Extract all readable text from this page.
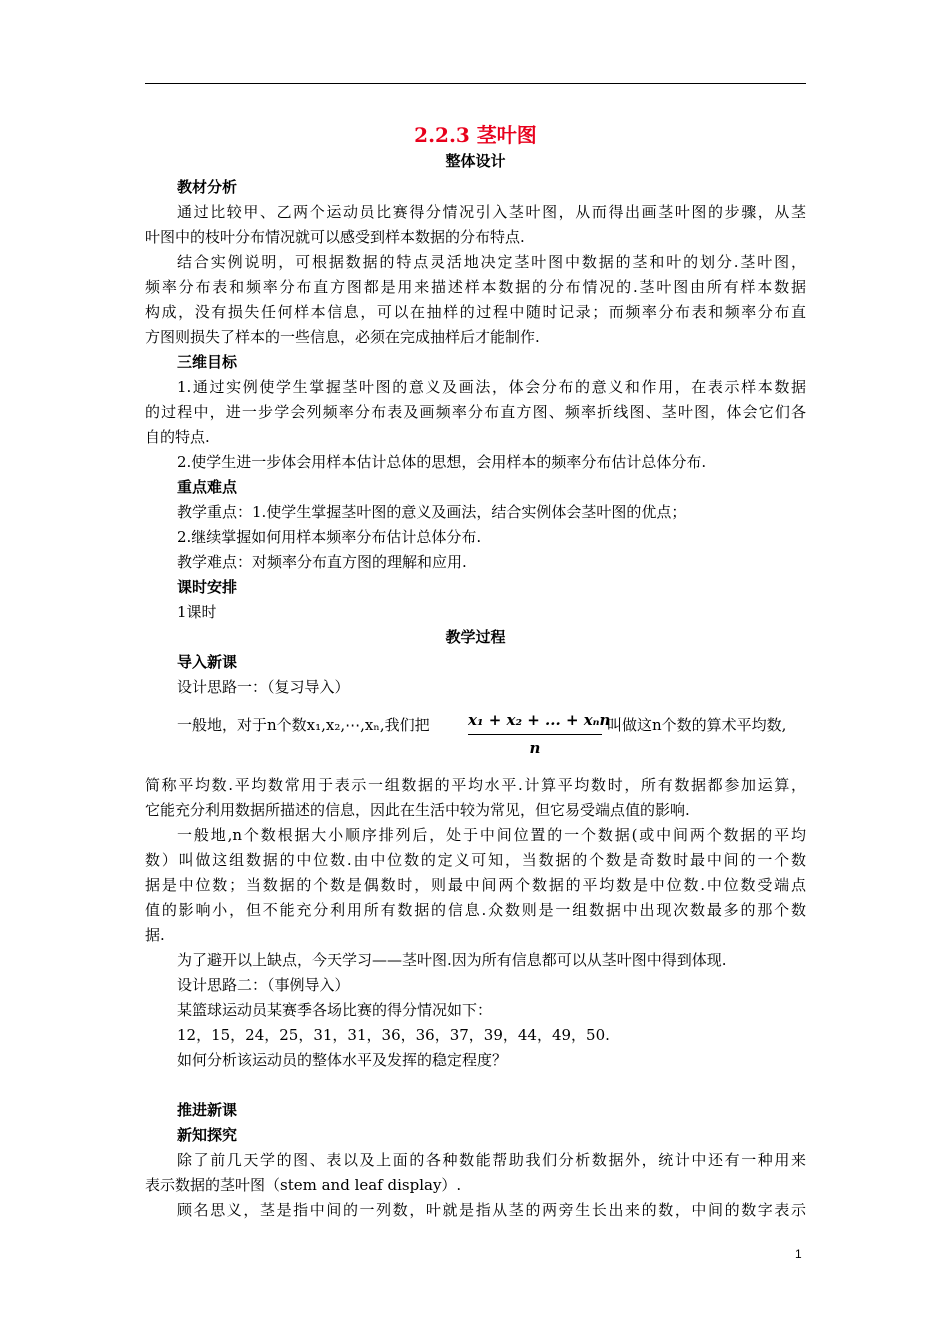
2.2.3 茎叶图
整体设计
教材分析
通过比较甲、乙两个运动员比赛得分情况引入茎叶图，从而得出画茎叶图的步骤，从茎
叶图中的枝叶分布情况就可以感受到样本数据的分布特点.
结合实例说明，可根据数据的特点灵活地决定茎叶图中数据的茎和叶的划分.茎叶图，
频率分布表和频率分布直方图都是用来描述样本数据的分布情况的.茎叶图由所有样本数据
构成，没有损失任何样本信息，可以在抽样的过程中随时记录；而频率分布表和频率分布直
方图则损失了样本的一些信息，必须在完成抽样后才能制作.
三维目标
1.通过实例使学生掌握茎叶图的意义及画法，体会分布的意义和作用，在表示样本数据
的过程中，进一步学会列频率分布表及画频率分布直方图、频率折线图、茎叶图，体会它们各
自的特点.
2.使学生进一步体会用样本估计总体的思想，会用样本的频率分布估计总体分布.
重点难点
教学重点：1.使学生掌握茎叶图的意义及画法，结合实例体会茎叶图的优点；
2.继续掌握如何用样本频率分布估计总体分布.
教学难点：对频率分布直方图的理解和应用.
课时安排
1课时
教学过程
导入新课
设计思路一：（复习导入）
一般地，对于n个数x₁,x₂,⋯,xₙ,我们把	x₁ + x₂ + ... + xₙn
n
叫做这n个数的算术平均数,
简称平均数.平均数常用于表示一组数据的平均水平.计算平均数时，所有数据都参加运算，
它能充分利用数据所描述的信息，因此在生活中较为常见，但它易受端点值的影响.
一般地,n个数根据大小顺序排列后，处于中间位置的一个数据(或中间两个数据的平均
数）叫做这组数据的中位数.由中位数的定义可知，当数据的个数是奇数时最中间的一个数
据是中位数；当数据的个数是偶数时，则最中间两个数据的平均数是中位数.中位数受端点
值的影响小，但不能充分利用所有数据的信息.众数则是一组数据中出现次数最多的那个数
据.
为了避开以上缺点，今天学习——茎叶图.因为所有信息都可以从茎叶图中得到体现.
设计思路二：（事例导入）
某篮球运动员某赛季各场比赛的得分情况如下：
12，15，24，25，31，31，36，36，37，39，44，49，50.
如何分析该运动员的整体水平及发挥的稳定程度？
推进新课
新知探究
除了前几天学的图、表以及上面的各种数能帮助我们分析数据外，统计中还有一种用来
表示数据的茎叶图（stem and leaf display）.
顾名思义，茎是指中间的一列数，叶就是指从茎的两旁生长出来的数，中间的数字表示
1
